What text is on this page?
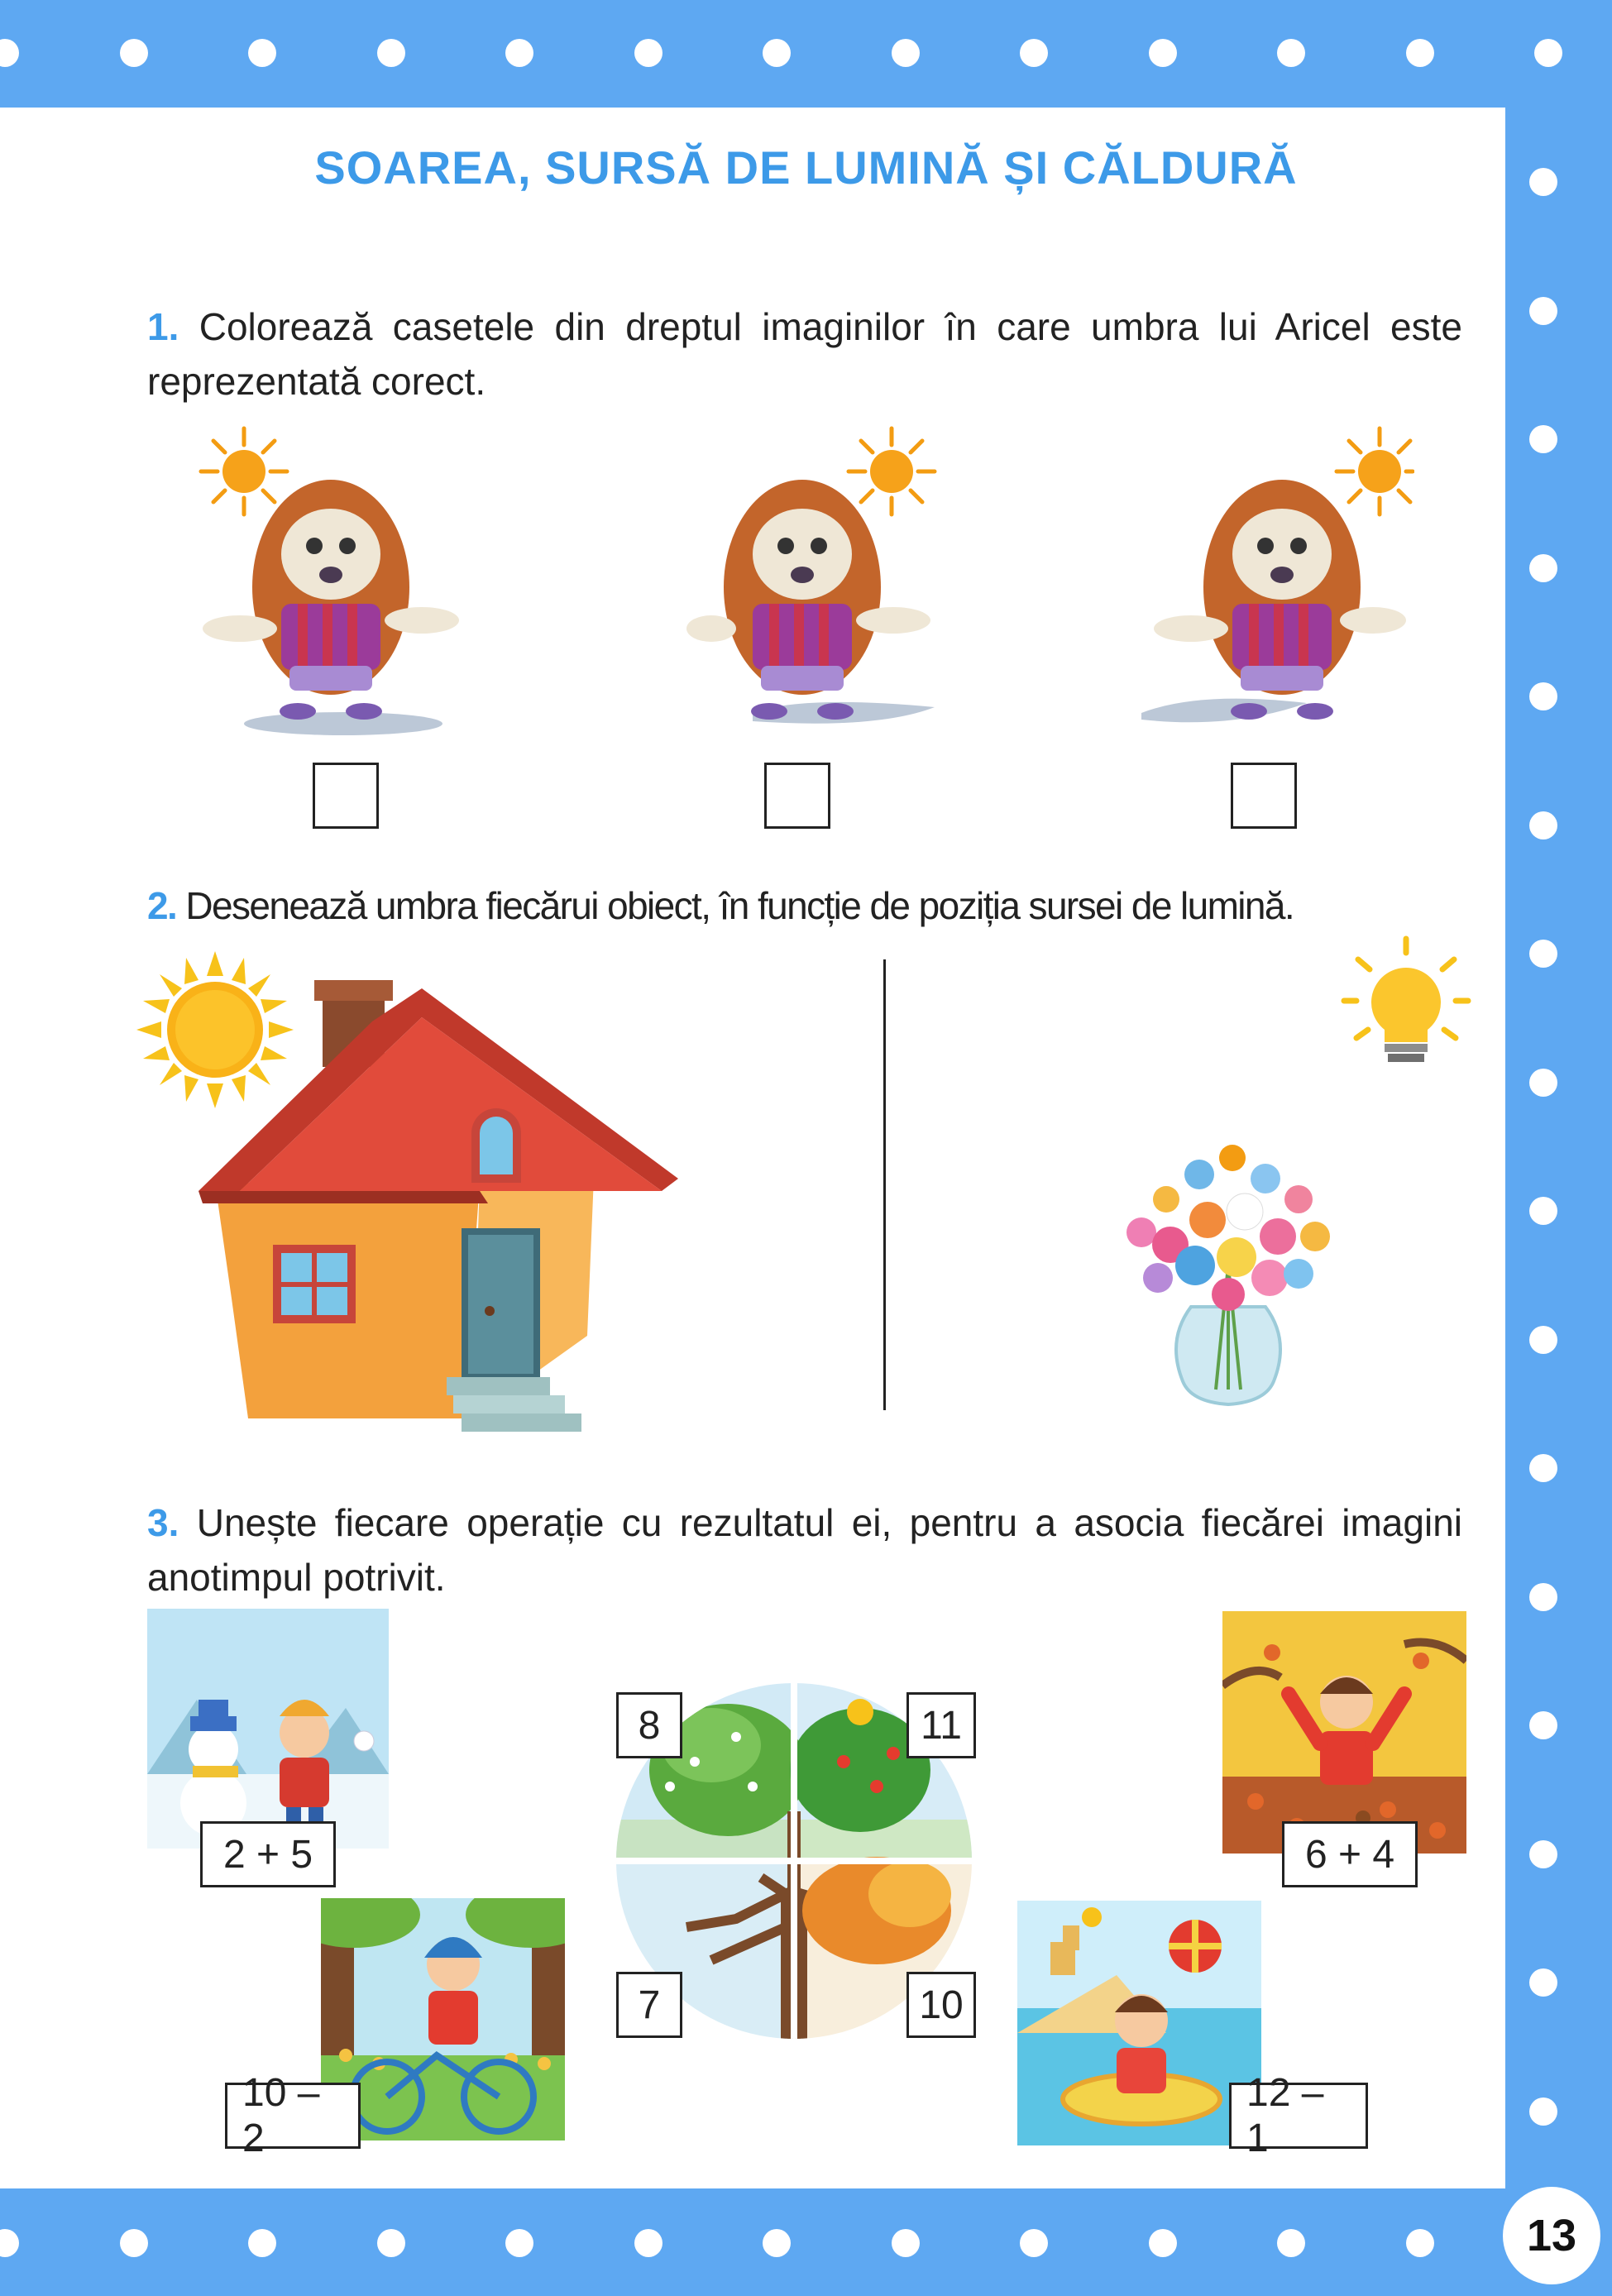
SOAREA, SURSĂ DE LUMINĂ ȘI CĂLDURĂ
1. Colorează casetele din dreptul imaginilor în care umbra lui Aricel este reprezentată corect.
2. Desenează umbra fiecărui obiect, în funcție de poziția sursei de lumină.
3. Unește fiecare operație cu rezultatul ei, pentru a asocia fiecărei imagini anotimpul potrivit.
2 + 5
10 – 2
8	11
7	10
6 + 4
12 – 1
13
